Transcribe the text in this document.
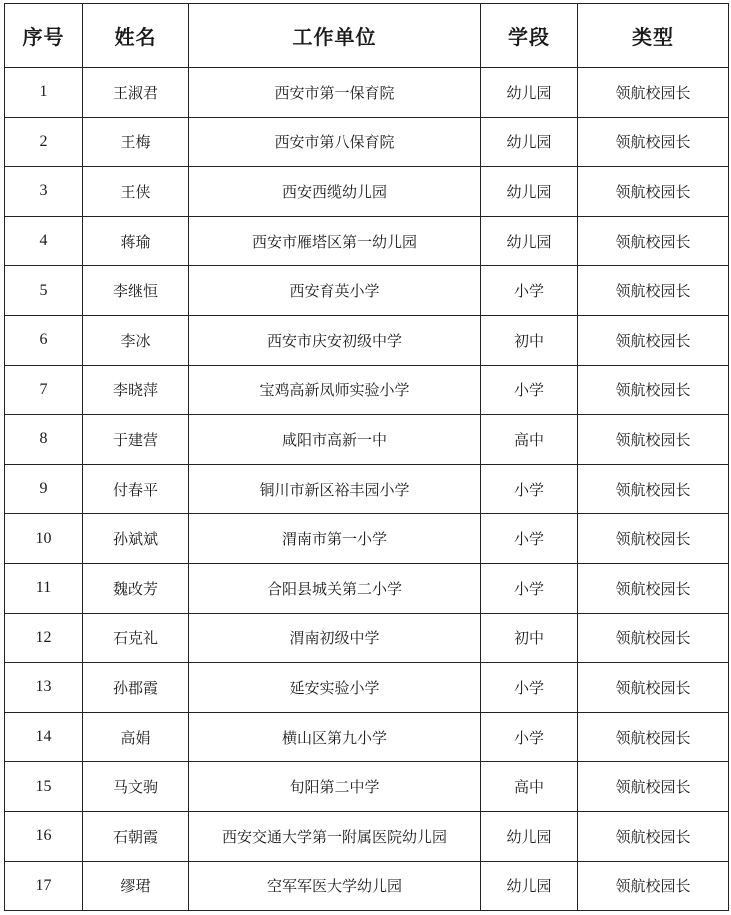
序号	姓名	工作单位	学段	类型
1	王淑君	西安市第一保育院	幼儿园	领航校园长
2	王梅	西安市第八保育院	幼儿园	领航校园长
3	王侠	西安西缆幼儿园	幼儿园	领航校园长
4	蒋瑜	西安市雁塔区第一幼儿园	幼儿园	领航校园长
5	李继恒	西安育英小学	小学	领航校园长
6	李冰	西安市庆安初级中学	初中	领航校园长
7	李晓萍	宝鸡高新凤师实验小学	小学	领航校园长
8	于建营	咸阳市高新一中	高中	领航校园长
9	付春平	铜川市新区裕丰园小学	小学	领航校园长
10	孙斌斌	渭南市第一小学	小学	领航校园长
11	魏改芳	合阳县城关第二小学	小学	领航校园长
12	石克礼	渭南初级中学	初中	领航校园长
13	孙郡霞	延安实验小学	小学	领航校园长
14	高娟	横山区第九小学	小学	领航校园长
15	马文驹	旬阳第二中学	高中	领航校园长
16	石朝霞	西安交通大学第一附属医院幼儿园	幼儿园	领航校园长
17	缪珺	空军军医大学幼儿园	幼儿园	领航校园长
